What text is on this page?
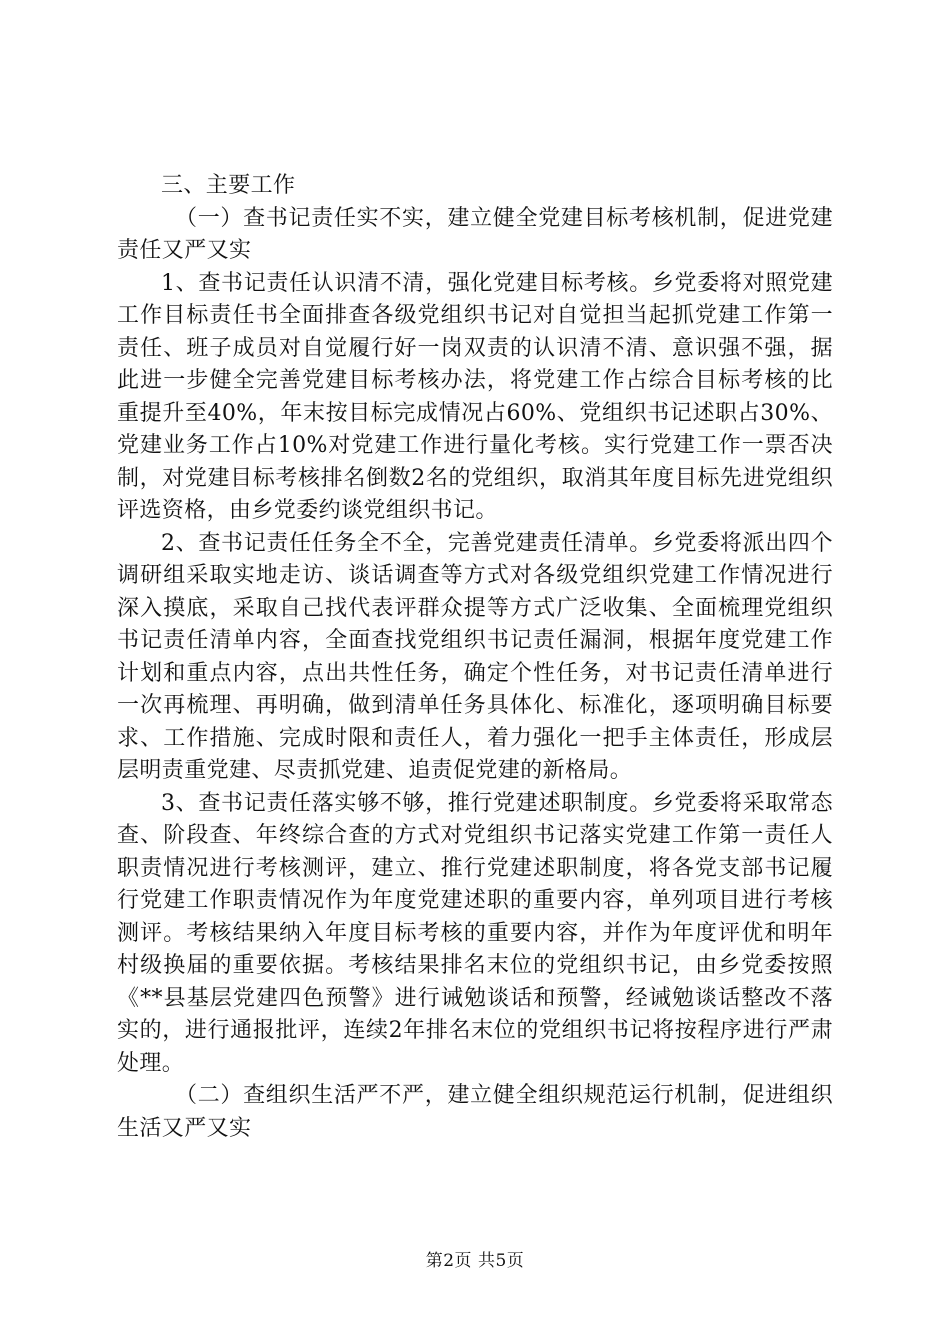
三、主要工作

（一）查书记责任实不实，建立健全党建目标考核机制，促进党建责任又严又实

1、查书记责任认识清不清，强化党建目标考核。乡党委将对照党建工作目标责任书全面排查各级党组织书记对自觉担当起抓党建工作第一责任、班子成员对自觉履行好一岗双责的认识清不清、意识强不强，据此进一步健全完善党建目标考核办法，将党建工作占综合目标考核的比重提升至40%，年末按目标完成情况占60%、党组织书记述职占30%、党建业务工作占10%对党建工作进行量化考核。实行党建工作一票否决制，对党建目标考核排名倒数2名的党组织，取消其年度目标先进党组织评选资格，由乡党委约谈党组织书记。

2、查书记责任任务全不全，完善党建责任清单。乡党委将派出四个调研组采取实地走访、谈话调查等方式对各级党组织党建工作情况进行深入摸底，采取自己找代表评群众提等方式广泛收集、全面梳理党组织书记责任清单内容，全面查找党组织书记责任漏洞，根据年度党建工作计划和重点内容，点出共性任务，确定个性任务，对书记责任清单进行一次再梳理、再明确，做到清单任务具体化、标准化，逐项明确目标要求、工作措施、完成时限和责任人，着力强化一把手主体责任，形成层层明责重党建、尽责抓党建、追责促党建的新格局。

3、查书记责任落实够不够，推行党建述职制度。乡党委将采取常态查、阶段查、年终综合查的方式对党组织书记落实党建工作第一责任人职责情况进行考核测评，建立、推行党建述职制度，将各党支部书记履行党建工作职责情况作为年度党建述职的重要内容，单列项目进行考核测评。考核结果纳入年度目标考核的重要内容，并作为年度评优和明年村级换届的重要依据。考核结果排名末位的党组织书记，由乡党委按照《**县基层党建四色预警》进行诫勉谈话和预警，经诫勉谈话整改不落实的，进行通报批评，连续2年排名末位的党组织书记将按程序进行严肃处理。

（二）查组织生活严不严，建立健全组织规范运行机制，促进组织生活又严又实

第2页 共5页
